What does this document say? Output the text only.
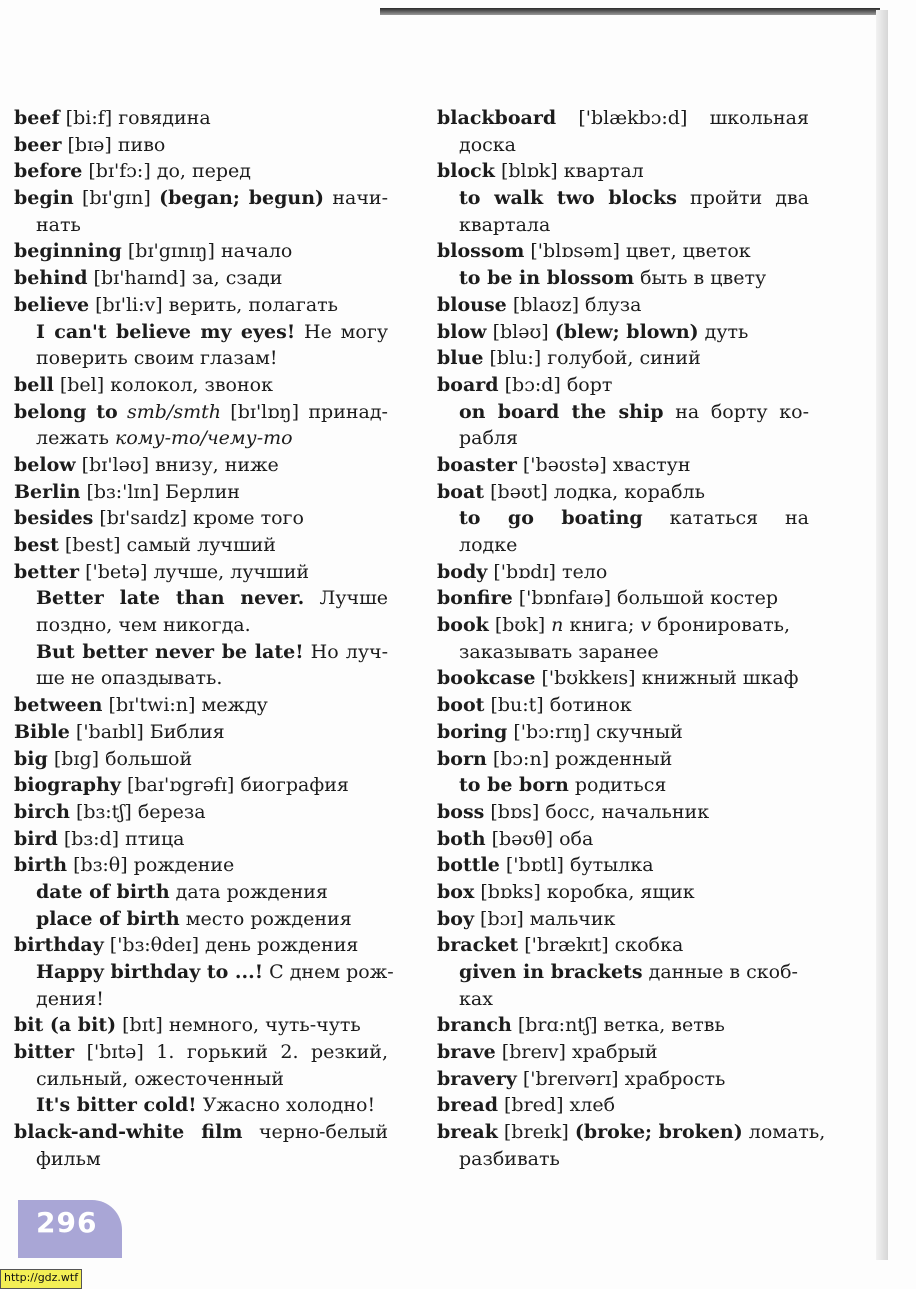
beef [bi:f] говядина
beer [bɪə] пиво
before [bɪ'fɔ:] до, перед
begin [bɪ'gɪn] (began; begun) начи-
нать
beginning [bɪ'gɪnɪŋ] начало
behind [bɪ'haɪnd] за, сзади
believe [bɪ'li:v] верить, полагать
I can't believe my eyes! Не могу
поверить своим глазам!
bell [bel] колокол, звонок
belong to smb/smth [bɪ'lɒŋ] принад-
лежать кому-то/чему-то
below [bɪ'ləʊ] внизу, ниже
Berlin [bɜ:'lɪn] Берлин
besides [bɪ'saɪdz] кроме того
best [best] самый лучший
better ['betə] лучше, лучший
Better late than never. Лучше
поздно, чем никогда.
But better never be late! Но луч-
ше не опаздывать.
between [bɪ'twi:n] между
Bible ['baɪbl] Библия
big [bɪg] большой
biography [baɪ'ɒgrəfɪ] биография
birch [bɜ:tʃ] береза
bird [bɜ:d] птица
birth [bɜ:θ] рождение
date of birth дата рождения
place of birth место рождения
birthday ['bɜ:θdeɪ] день рождения
Happy birthday to ...! С днем рож-
дения!
bit (a bit) [bɪt] немного, чуть-чуть
bitter ['bɪtə] 1. горький 2. резкий,
сильный, ожесточенный
It's bitter cold! Ужасно холодно!
black-and-white film черно-белый
фильм
blackboard ['blækbɔ:d] школьная
доска
block [blɒk] квартал
to walk two blocks пройти два
квартала
blossom ['blɒsəm] цвет, цветок
to be in blossom быть в цвету
blouse [blaʊz] блуза
blow [bləʊ] (blew; blown) дуть
blue [blu:] голубой, синий
board [bɔ:d] борт
on board the ship на борту ко-
рабля
boaster ['bəʊstə] хвастун
boat [bəʊt] лодка, корабль
to go boating кататься на
лодке
body ['bɒdɪ] тело
bonfire ['bɒnfaɪə] большой костер
book [bʊk] n книга; v бронировать,
заказывать заранее
bookcase ['bʊkkeɪs] книжный шкаф
boot [bu:t] ботинок
boring ['bɔ:rɪŋ] скучный
born [bɔ:n] рожденный
to be born родиться
boss [bɒs] босс, начальник
both [bəʊθ] оба
bottle ['bɒtl] бутылка
box [bɒks] коробка, ящик
boy [bɔɪ] мальчик
bracket ['brækɪt] скобка
given in brackets данные в скоб-
ках
branch [brɑ:ntʃ] ветка, ветвь
brave [breɪv] храбрый
bravery ['breɪvərɪ] храбрость
bread [bred] хлеб
break [breɪk] (broke; broken) ломать,
разбивать
296
http://gdz.wtf
